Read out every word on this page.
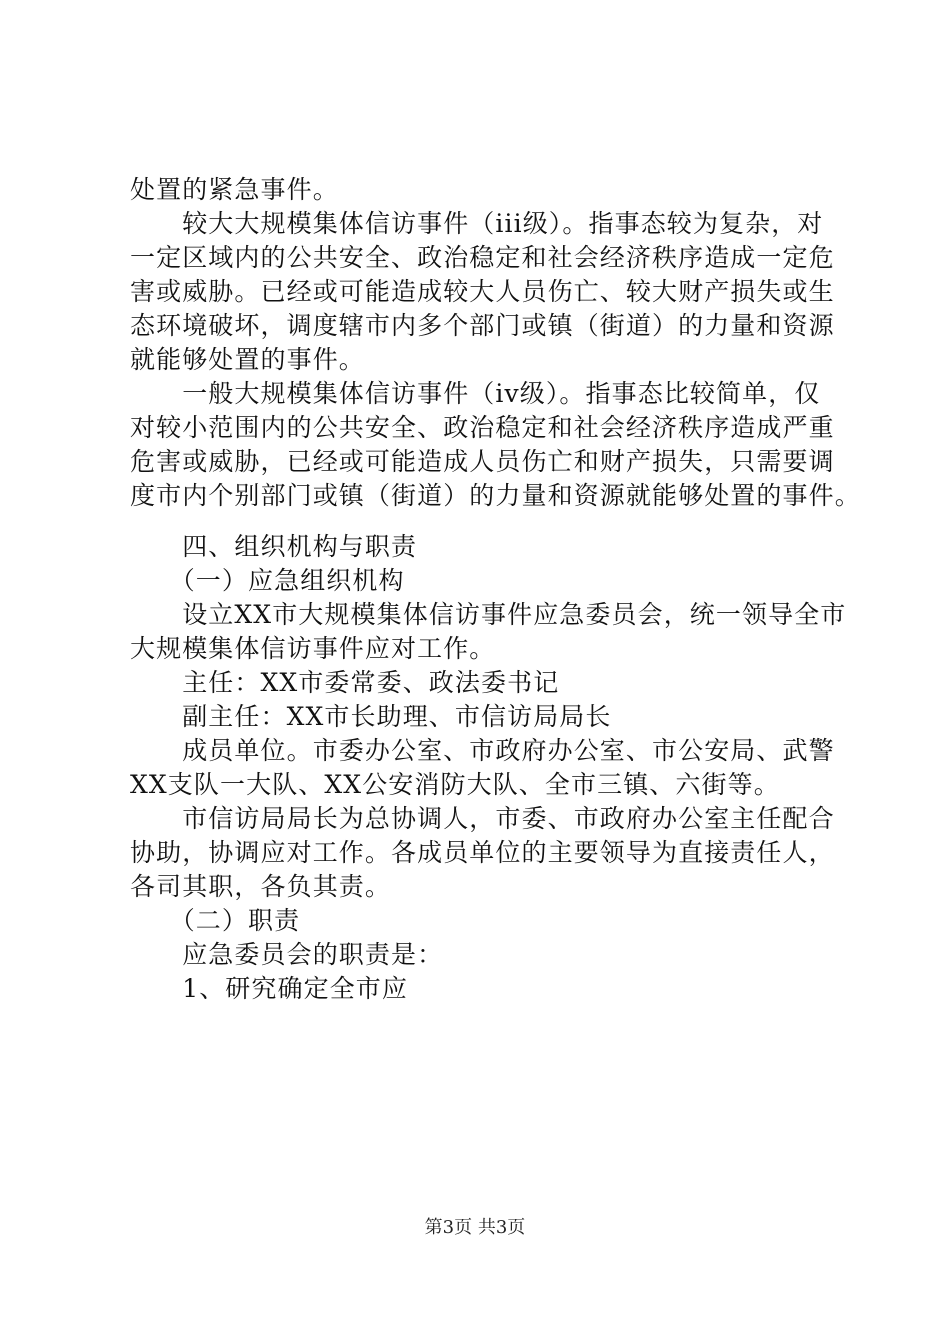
处置的紧急事件。
　　较大大规模集体信访事件（iii级）。指事态较为复杂，对
一定区域内的公共安全、政治稳定和社会经济秩序造成一定危
害或威胁。已经或可能造成较大人员伤亡、较大财产损失或生
态环境破坏，调度辖市内多个部门或镇（街道）的力量和资源
就能够处置的事件。
　　一般大规模集体信访事件（iv级）。指事态比较简单，仅
对较小范围内的公共安全、政治稳定和社会经济秩序造成严重
危害或威胁，已经或可能造成人员伤亡和财产损失，只需要调
度市内个别部门或镇（街道）的力量和资源就能够处置的事件。
　　四、组织机构与职责
　　（一）应急组织机构
　　设立XX市大规模集体信访事件应急委员会，统一领导全市
大规模集体信访事件应对工作。
　　主任：XX市委常委、政法委书记
　　副主任：XX市长助理、市信访局局长
　　成员单位。市委办公室、市政府办公室、市公安局、武警
XX支队一大队、XX公安消防大队、全市三镇、六街等。
　　市信访局局长为总协调人，市委、市政府办公室主任配合
协助，协调应对工作。各成员单位的主要领导为直接责任人，
各司其职，各负其责。
　　（二）职责
　　应急委员会的职责是：
　　1、研究确定全市应
第3页 共3页
